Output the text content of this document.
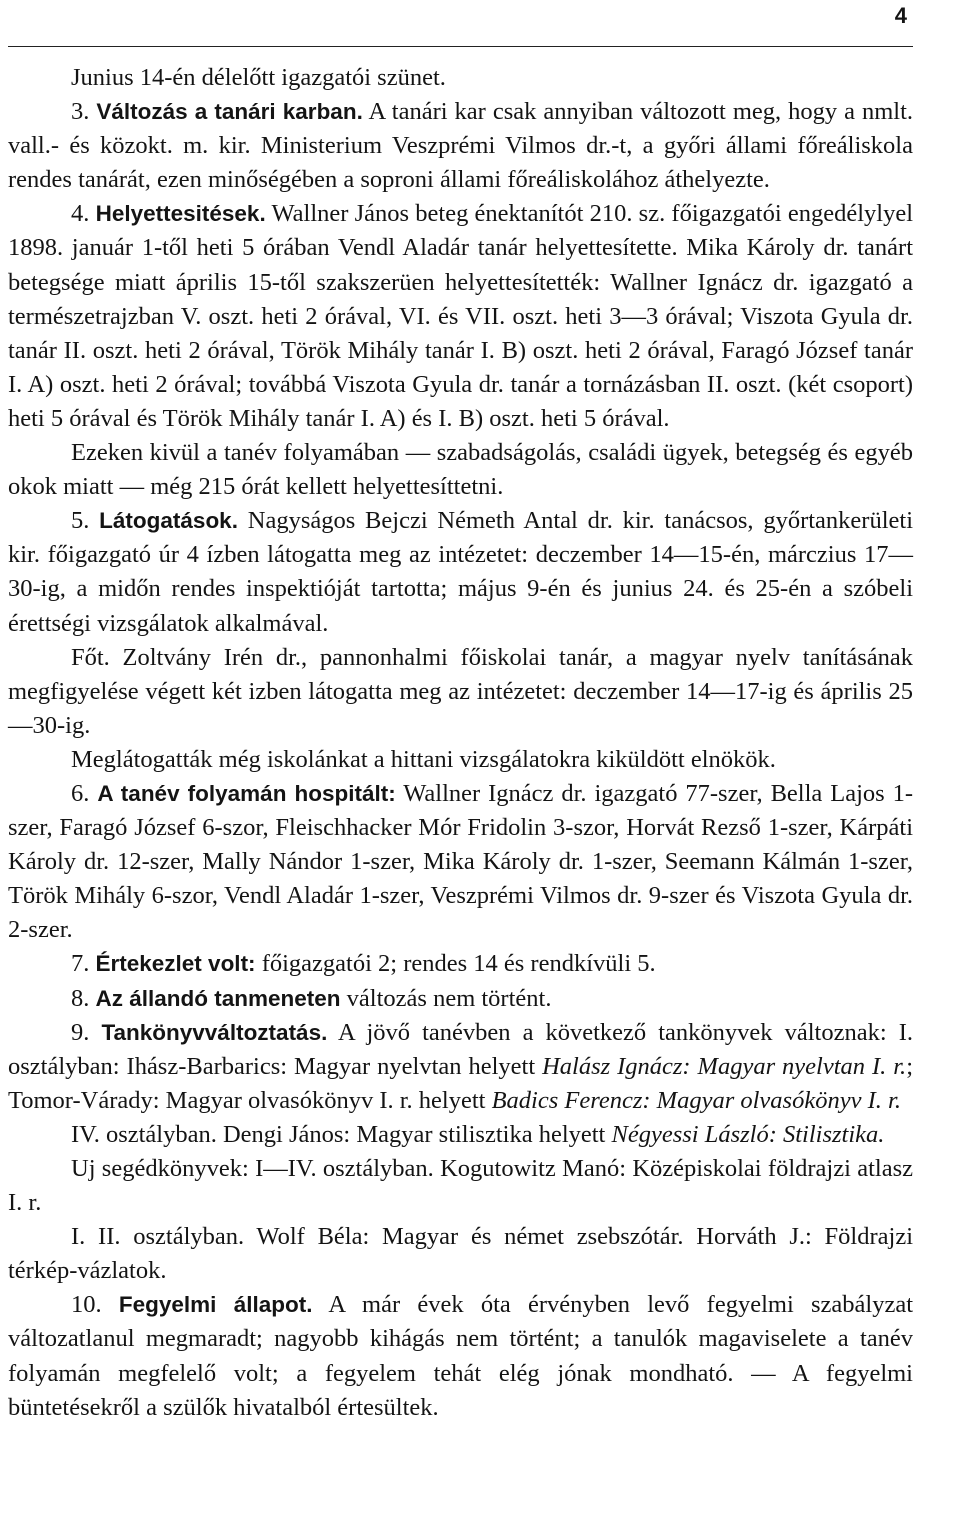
4

Junius 14-én délelőtt igazgatói szünet.

3. Változás a tanári karban. A tanári kar csak annyiban változott meg, hogy a nmlt. vall.- és közokt. m. kir. Ministerium Veszprémi Vilmos dr.-t, a győri állami főreáliskola rendes tanárát, ezen minőségében a soproni állami főreáliskolához áthelyezte.

4. Helyettesitések. Wallner János beteg énektanítót 210. sz. főigazgatói engedélylyel 1898. január 1-től heti 5 órában Vendl Aladár tanár helyettesítette. Mika Károly dr. tanárt betegsége miatt április 15-től szakszerüen helyettesítették: Wallner Ignácz dr. igazgató a természetrajzban V. oszt. heti 2 órával, VI. és VII. oszt. heti 3—3 órával; Viszota Gyula dr. tanár II. oszt. heti 2 órával, Török Mihály tanár I. B) oszt. heti 2 órával, Faragó József tanár I. A) oszt. heti 2 órával; továbbá Viszota Gyula dr. tanár a tornázásban II. oszt. (két csoport) heti 5 órával és Török Mihály tanár I. A) és I. B) oszt. heti 5 órával.

Ezeken kivül a tanév folyamában — szabadságolás, családi ügyek, betegség és egyéb okok miatt — még 215 órát kellett helyettesíttetni.

5. Látogatások. Nagyságos Bejczi Németh Antal dr. kir. tanácsos, győrtankerületi kir. főigazgató úr 4 ízben látogatta meg az intézetet: deczember 14—15-én, márczius 17—30-ig, a midőn rendes inspektióját tartotta; május 9-én és junius 24. és 25-én a szóbeli érettségi vizsgálatok alkalmával.

Főt. Zoltvány Irén dr., pannonhalmi főiskolai tanár, a magyar nyelv tanításának megfigyelése végett két izben látogatta meg az intézetet: deczember 14—17-ig és április 25—30-ig.

Meglátogatták még iskolánkat a hittani vizsgálatokra kiküldött elnökök.

6. A tanév folyamán hospitált: Wallner Ignácz dr. igazgató 77-szer, Bella Lajos 1-szer, Faragó József 6-szor, Fleischhacker Mór Fridolin 3-szor, Horvát Rezső 1-szer, Kárpáti Károly dr. 12-szer, Mally Nándor 1-szer, Mika Károly dr. 1-szer, Seemann Kálmán 1-szer, Török Mihály 6-szor, Vendl Aladár 1-szer, Veszprémi Vilmos dr. 9-szer és Viszota Gyula dr. 2-szer.

7. Értekezlet volt: főigazgatói 2; rendes 14 és rendkívüli 5.

8. Az állandó tanmeneten változás nem történt.

9. Tankönyvváltoztatás. A jövő tanévben a következő tankönyvek változnak: I. osztályban: Ihász-Barbarics: Magyar nyelvtan helyett Halász Ignácz: Magyar nyelvtan I. r.; Tomor-Várady: Magyar olvasókönyv I. r. helyett Badics Ferencz: Magyar olvasókönyv I. r.

IV. osztályban. Dengi János: Magyar stilisztika helyett Négyessi László: Stilisztika.

Uj segédkönyvek: I—IV. osztályban. Kogutowitz Manó: Középiskolai földrajzi atlasz I. r.

I. II. osztályban. Wolf Béla: Magyar és német zsebszótár. Horváth J.: Földrajzi térkép-vázlatok.

10. Fegyelmi állapot. A már évek óta érvényben levő fegyelmi szabályzat változatlanul megmaradt; nagyobb kihágás nem történt; a tanulók magaviselete a tanév folyamán megfelelő volt; a fegyelem tehát elég jónak mondható. — A fegyelmi büntetésekről a szülők hivatalból értesültek.
